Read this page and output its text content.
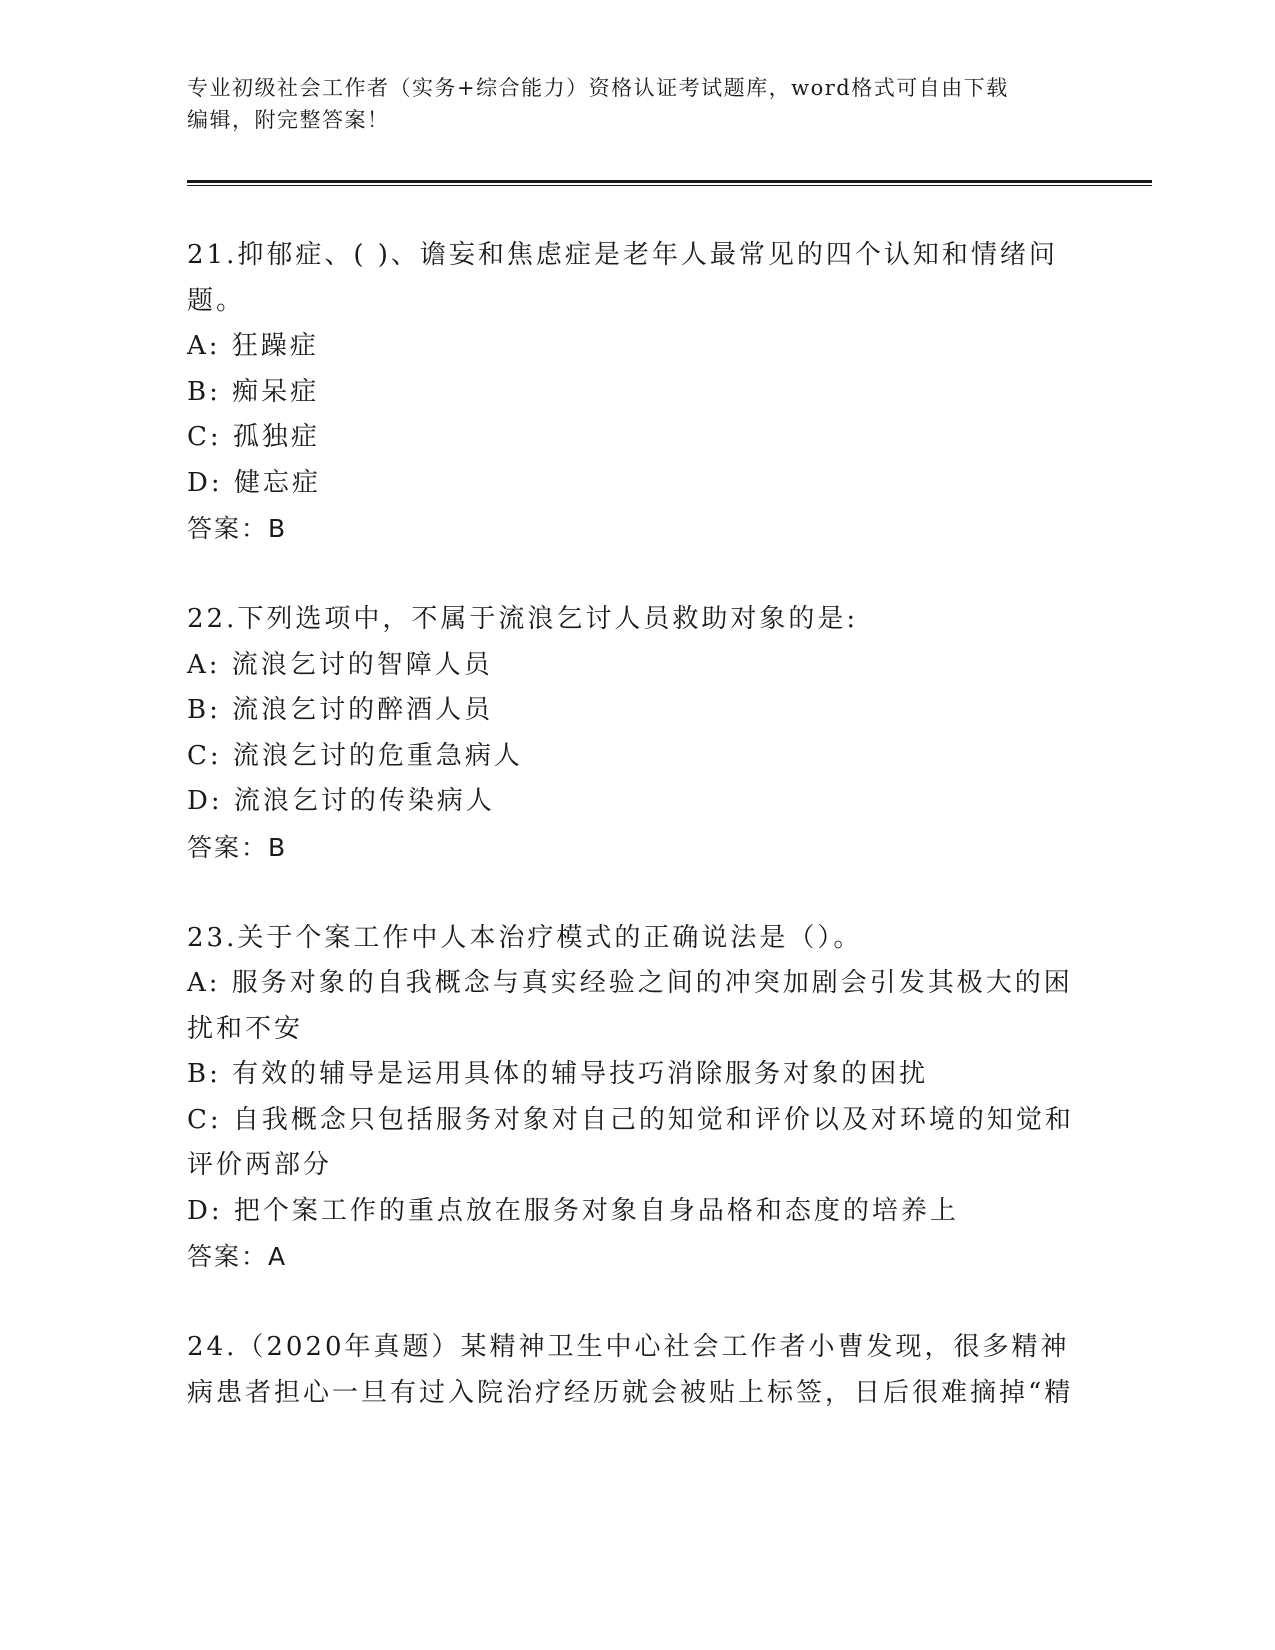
专业初级社会工作者（实务+综合能力）资格认证考试题库，word格式可自由下载
编辑，附完整答案！
21.抑郁症、( )、谵妄和焦虑症是老年人最常见的四个认知和情绪问题。
A: 狂躁症
B: 痴呆症
C: 孤独症
D: 健忘症
答案：B
22.下列选项中，不属于流浪乞讨人员救助对象的是:
A: 流浪乞讨的智障人员
B: 流浪乞讨的醉酒人员
C: 流浪乞讨的危重急病人
D: 流浪乞讨的传染病人
答案：B
23.关于个案工作中人本治疗模式的正确说法是（）。
A: 服务对象的自我概念与真实经验之间的冲突加剧会引发其极大的困扰和不安
B: 有效的辅导是运用具体的辅导技巧消除服务对象的困扰
C: 自我概念只包括服务对象对自己的知觉和评价以及对环境的知觉和评价两部分
D: 把个案工作的重点放在服务对象自身品格和态度的培养上
答案：A
24.（2020年真题）某精神卫生中心社会工作者小曹发现，很多精神病患者担心一旦有过入院治疗经历就会被贴上标签，日后很难摘掉“精
